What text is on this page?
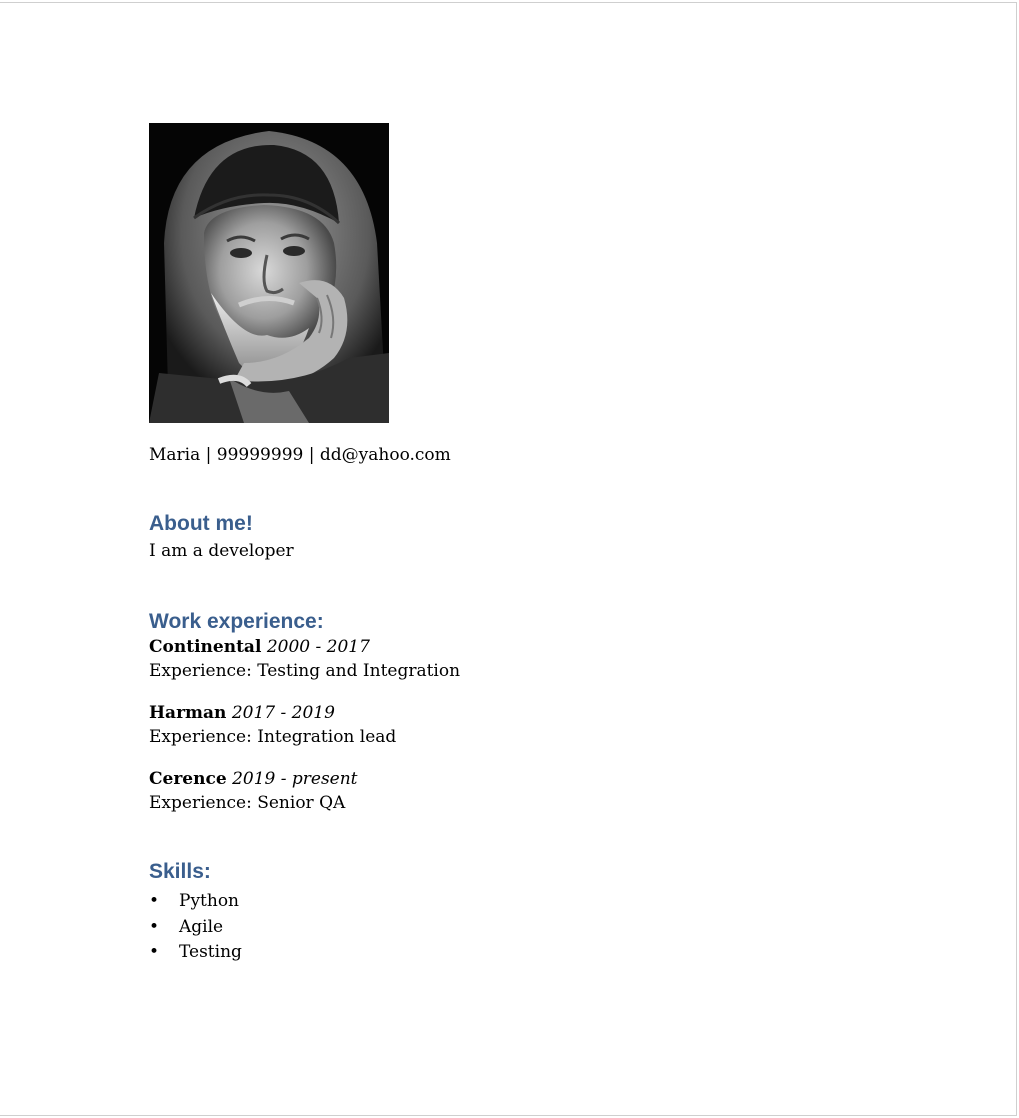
Maria | 99999999 | dd@yahoo.com
About me!
I am a developer
Work experience:
Continental 2000 - 2017
Experience: Testing and Integration
Harman 2017 - 2019
Experience: Integration lead
Cerence 2019 - present
Experience: Senior QA
Skills:
• Python
• Agile
• Testing
